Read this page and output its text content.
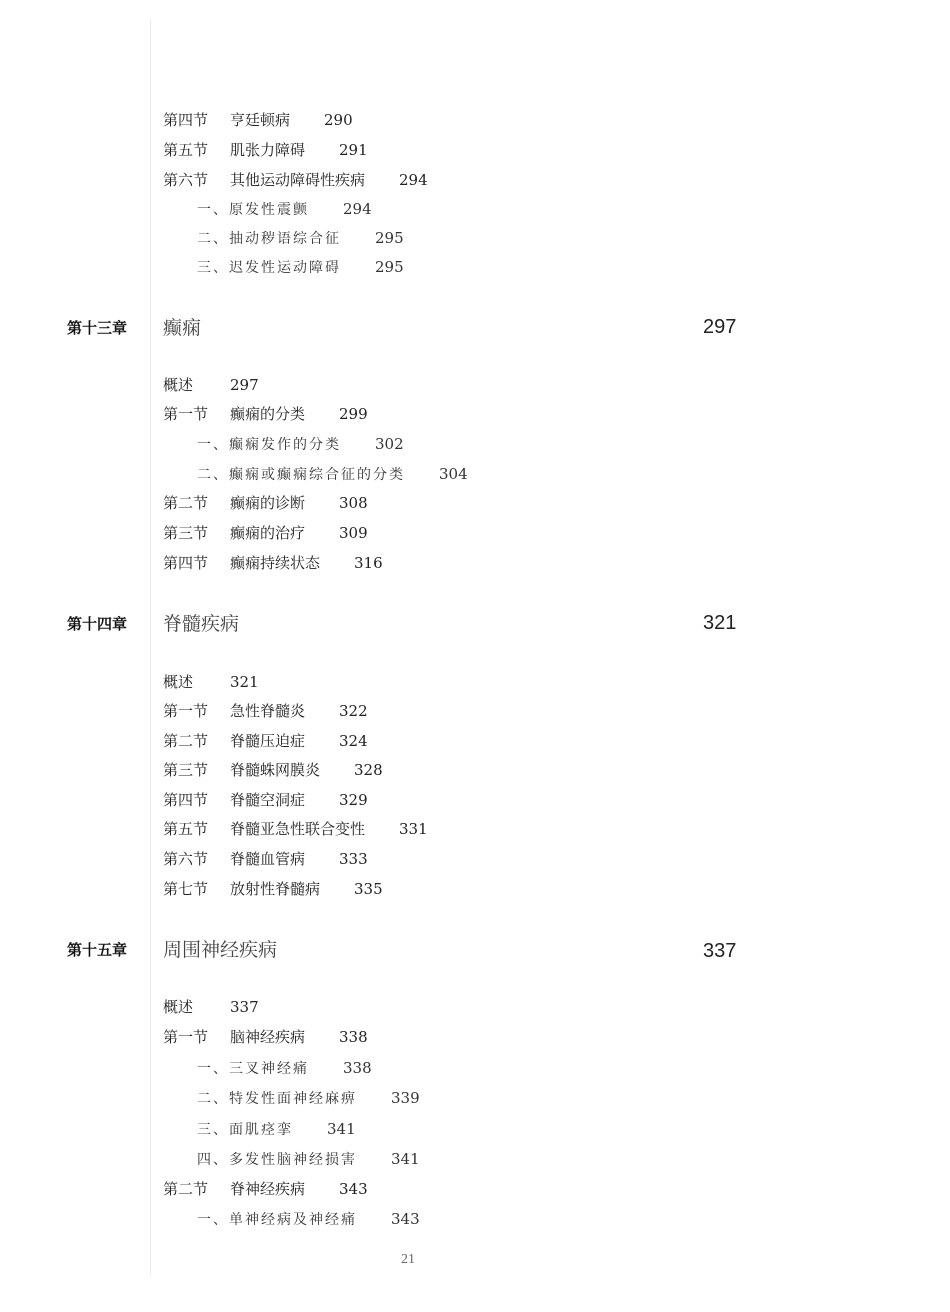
第四节 亨廷顿病 290
第五节 肌张力障碍 291
第六节 其他运动障碍性疾病 294
一、原发性震颤 294
二、抽动秽语综合征 295
三、迟发性运动障碍 295
第十三章 癫痫	297
概述 297
第一节 癫痫的分类 299
一、癫痫发作的分类 302
二、癫痫或癫痫综合征的分类 304
第二节 癫痫的诊断 308
第三节 癫痫的治疗 309
第四节 癫痫持续状态 316
第十四章 脊髓疾病	321
概述 321
第一节 急性脊髓炎 322
第二节 脊髓压迫症 324
第三节 脊髓蛛网膜炎 328
第四节 脊髓空洞症 329
第五节 脊髓亚急性联合变性 331
第六节 脊髓血管病 333
第七节 放射性脊髓病 335
第十五章 周围神经疾病	337
概述 337
第一节 脑神经疾病 338
一、三叉神经痛 338
二、特发性面神经麻痹 339
三、面肌痉挛 341
四、多发性脑神经损害 341
第二节 脊神经疾病 343
一、单神经病及神经痛 343
21
